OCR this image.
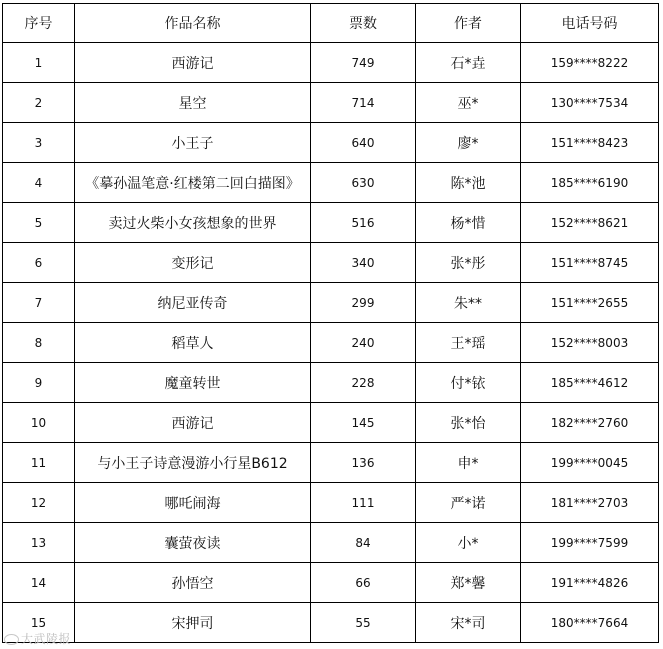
序号	作品名称	票数	作者	电话号码
1	西游记	749	石*垚	159****8222
2	星空	714	巫*	130****7534
3	小王子	640	廖*	151****8423
4	《摹孙温笔意·红楼第二回白描图》	630	陈*池	185****6190
5	卖过火柴小女孩想象的世界	516	杨*惜	152****8621
6	变形记	340	张*彤	151****8745
7	纳尼亚传奇	299	朱**	151****2655
8	稻草人	240	王*瑶	152****8003
9	魔童转世	228	付*铱	185****4612
10	西游记	145	张*怡	182****2760
11	与小王子诗意漫游小行星B612	136	申*	199****0045
12	哪吒闹海	111	严*诺	181****2703
13	囊萤夜读	84	小*	199****7599
14	孙悟空	66	郑*馨	191****4826
15	宋押司	55	宋*司	180****7664
大武陵报
